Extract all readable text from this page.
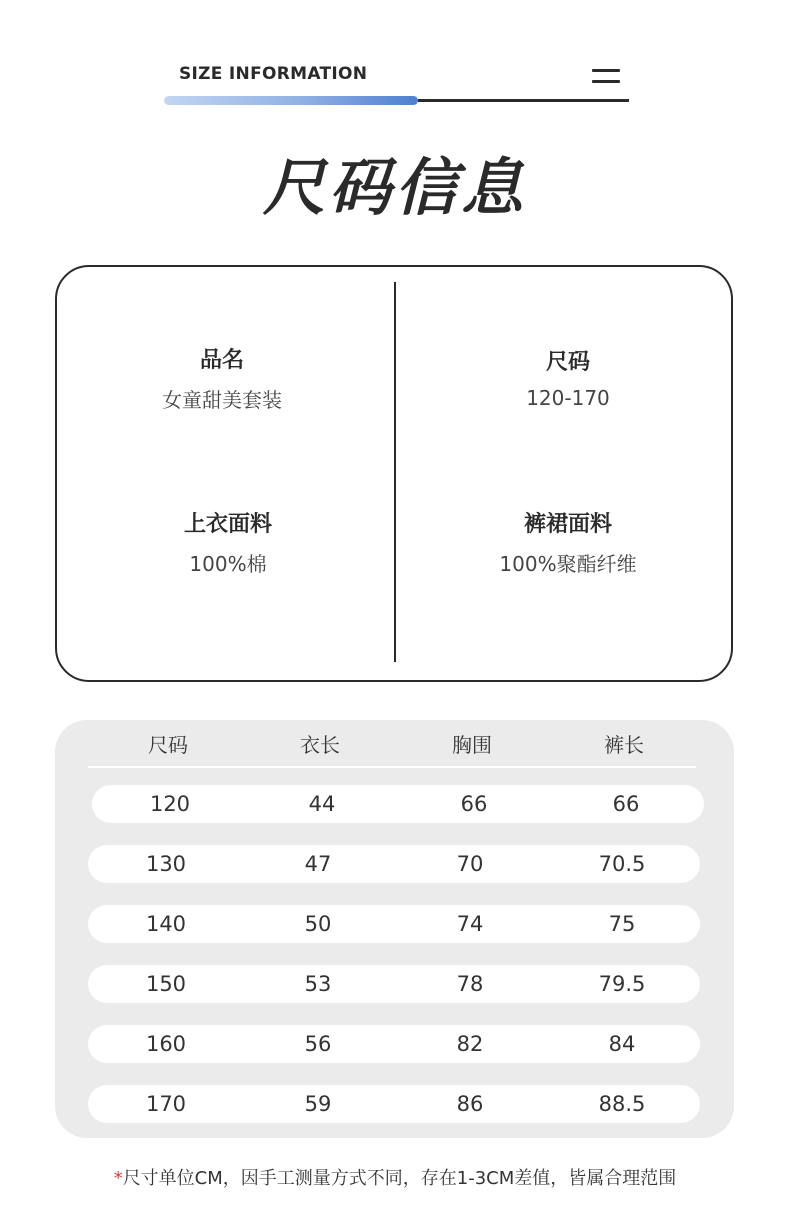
SIZE INFORMATION
尺码信息
品名
女童甜美套装
尺码
120-170
上衣面料
100%棉
裤裙面料
100%聚酯纤维
尺码	衣长	胸围	裤长
120	44	66	66
130	47	70	70.5
140	50	74	75
150	53	78	79.5
160	56	82	84
170	59	86	88.5
*尺寸单位CM，因手工测量方式不同，存在1-3CM差值，皆属合理范围
